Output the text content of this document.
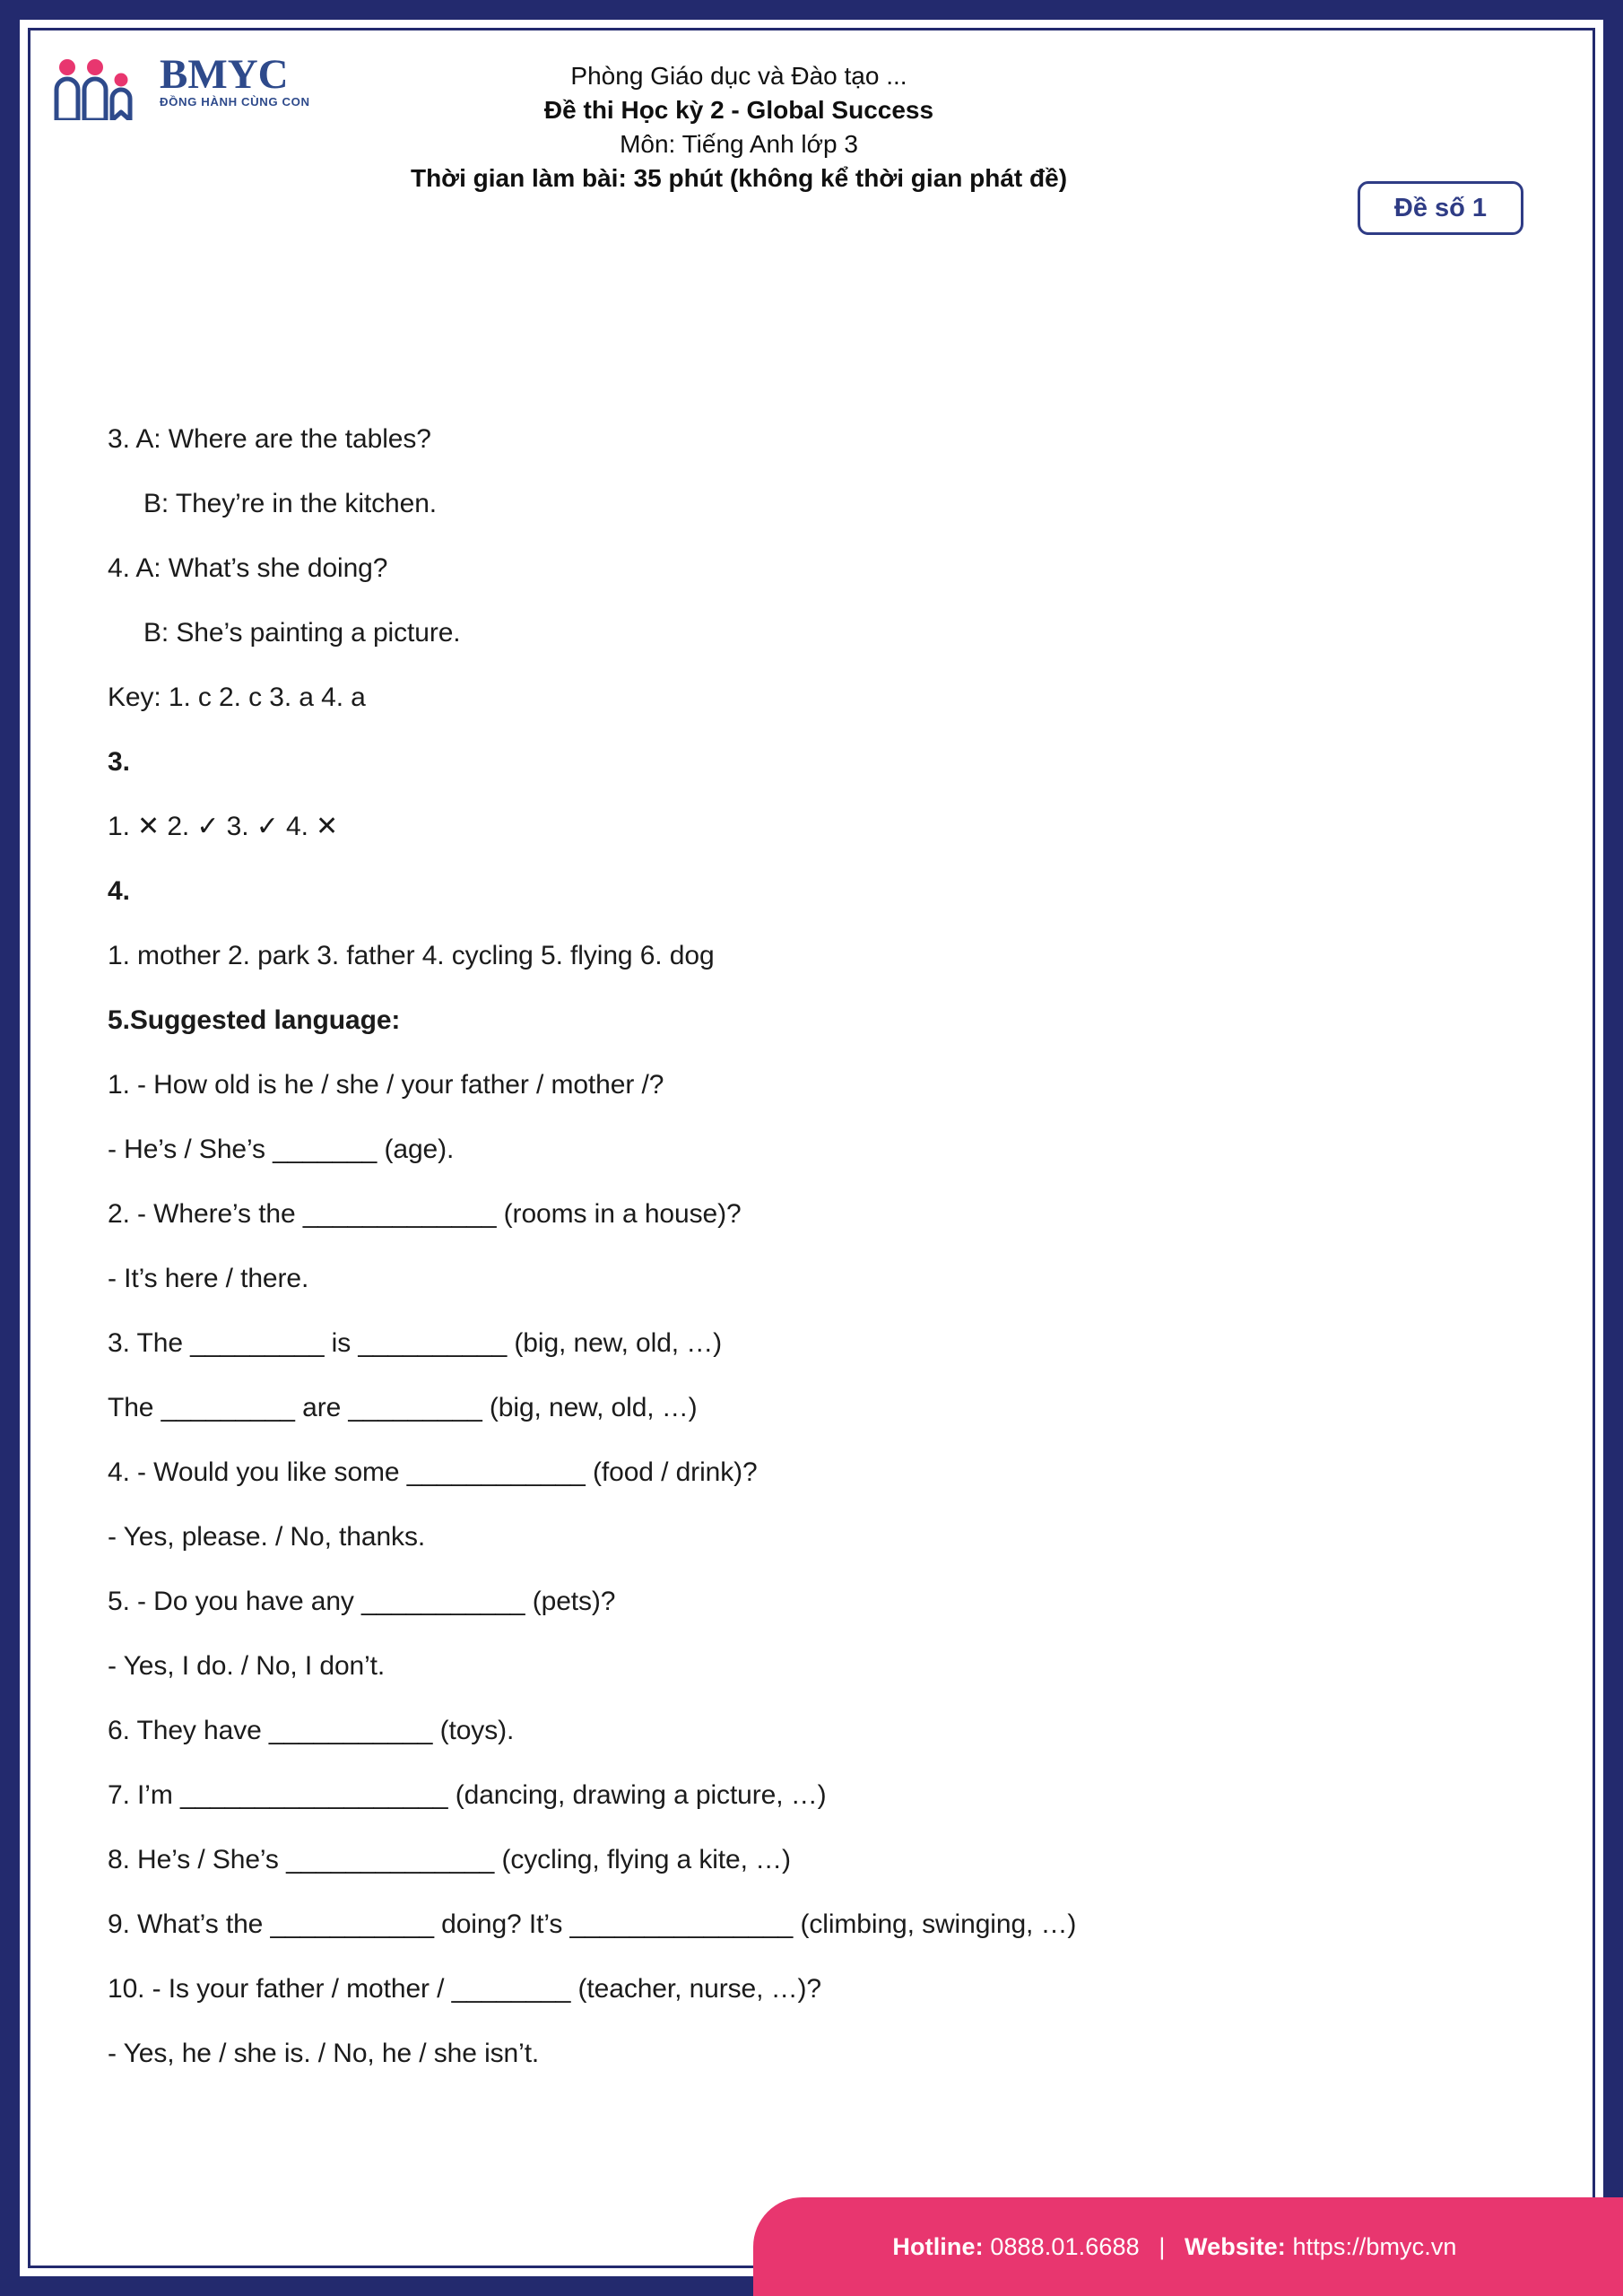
BMYC
ĐỒNG HÀNH CÙNG CON
Phòng Giáo dục và Đào tạo ...
Đề thi Học kỳ 2 - Global Success
Môn: Tiếng Anh lớp 3
Thời gian làm bài: 35 phút (không kể thời gian phát đề)
Đề số 1
3. A: Where are the tables?
B: They’re in the kitchen.
4. A: What’s she doing?
B: She’s painting a picture.
Key: 1. c 2. c 3. a 4. a
3.
1. ✕ 2. ✓ 3. ✓ 4. ✕
4.
1. mother 2. park 3. father 4. cycling 5. flying 6. dog
5.Suggested language:
1. - How old is he / she / your father / mother /?
- He’s / She’s _______ (age).
2. - Where’s the _____________ (rooms in a house)?
- It’s here / there.
3. The _________ is __________ (big, new, old, …)
The _________ are _________ (big, new, old, …)
4. - Would you like some ____________ (food / drink)?
- Yes, please. / No, thanks.
5. - Do you have any ___________ (pets)?
- Yes, I do. / No, I don’t.
6. They have ___________ (toys).
7. I’m __________________ (dancing, drawing a picture, …)
8. He’s / She’s ______________ (cycling, flying a kite, …)
9. What’s the ___________ doing? It’s _______________ (climbing, swinging, …)
10. - Is your father / mother / ________ (teacher, nurse, …)?
- Yes, he / she is. / No, he / she isn’t.
Hotline: 0888.01.6688 | Website: https://bmyc.vn
